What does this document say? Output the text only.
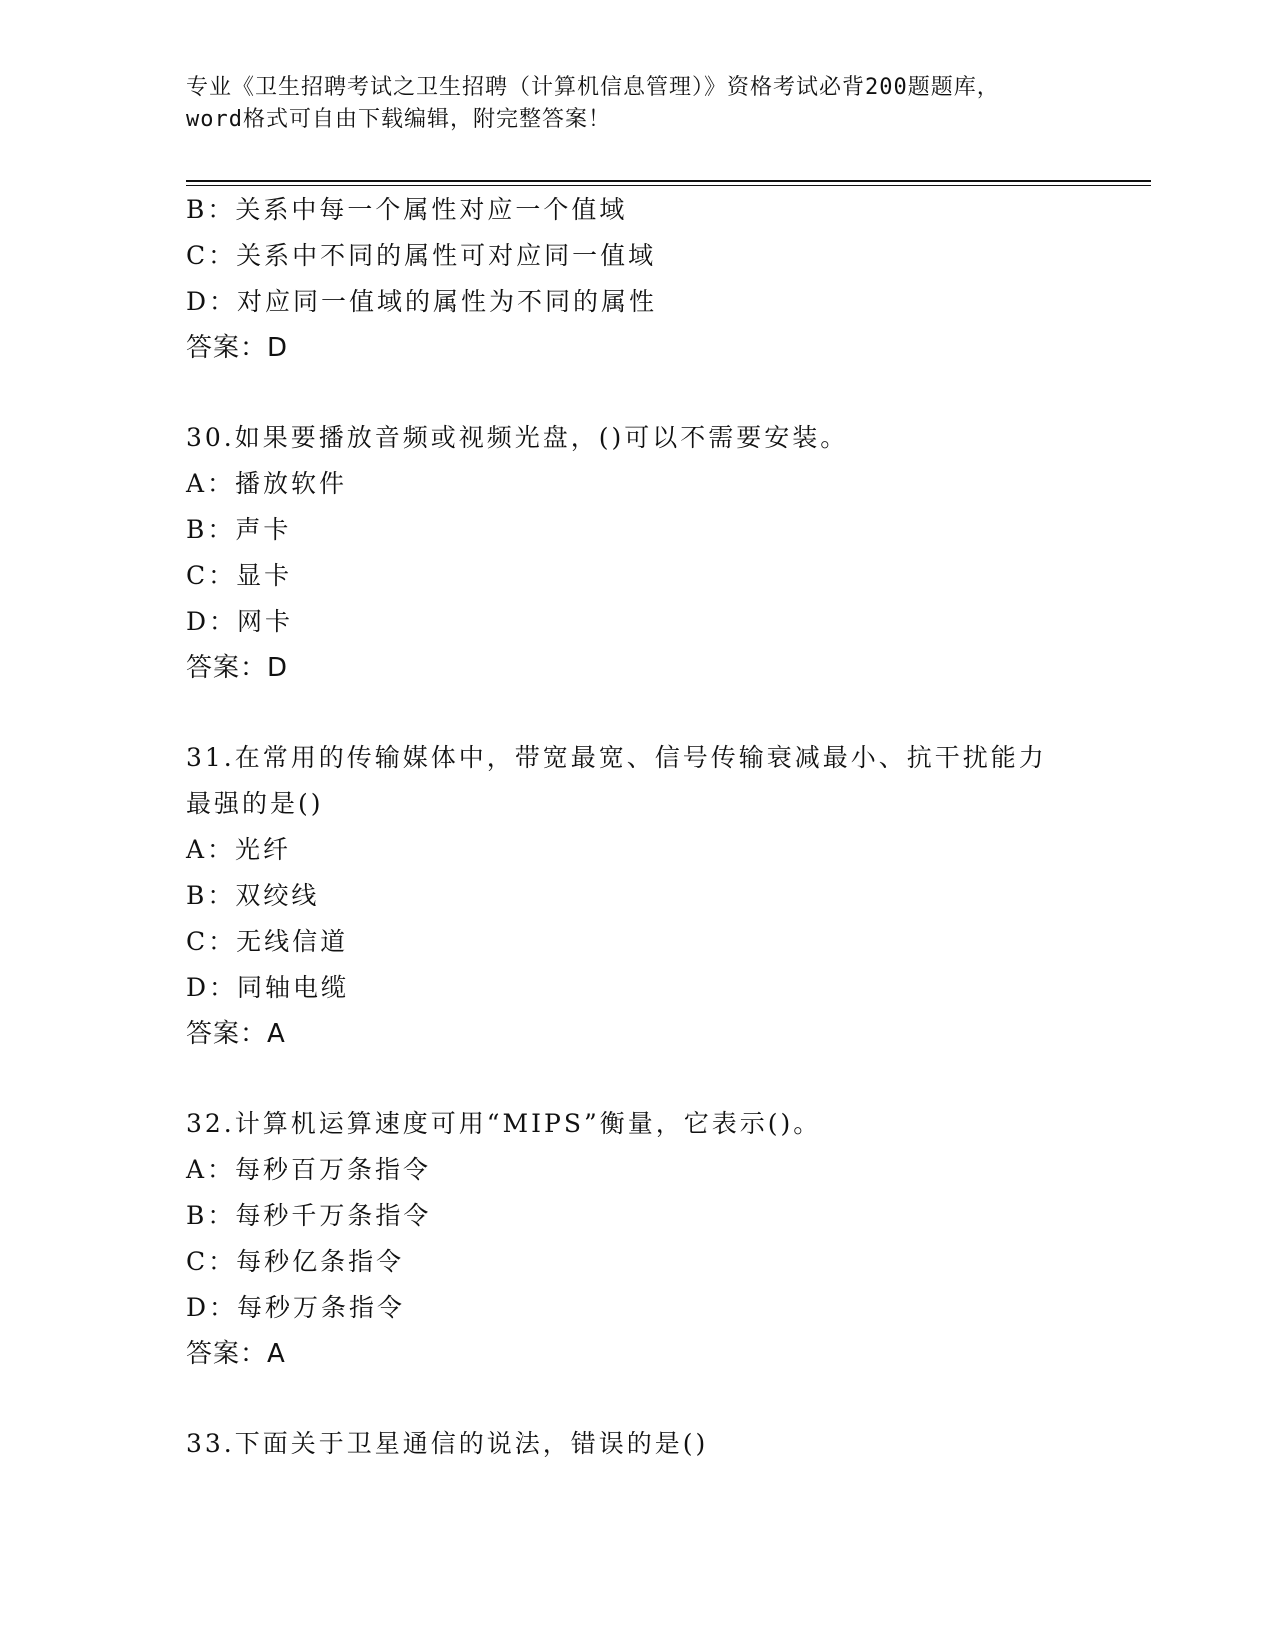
专业《卫生招聘考试之卫生招聘（计算机信息管理）》资格考试必背200题题库，
word格式可自由下载编辑，附完整答案！
B：关系中每一个属性对应一个值域
C：关系中不同的属性可对应同一值域
D：对应同一值域的属性为不同的属性
答案：D
30.如果要播放音频或视频光盘，()可以不需要安装。
A：播放软件
B：声卡
C：显卡
D：网卡
答案：D
31.在常用的传输媒体中，带宽最宽、信号传输衰减最小、抗干扰能力
最强的是()
A：光纤
B：双绞线
C：无线信道
D：同轴电缆
答案：A
32.计算机运算速度可用“MIPS”衡量，它表示()。
A：每秒百万条指令
B：每秒千万条指令
C：每秒亿条指令
D：每秒万条指令
答案：A
33.下面关于卫星通信的说法，错误的是()
